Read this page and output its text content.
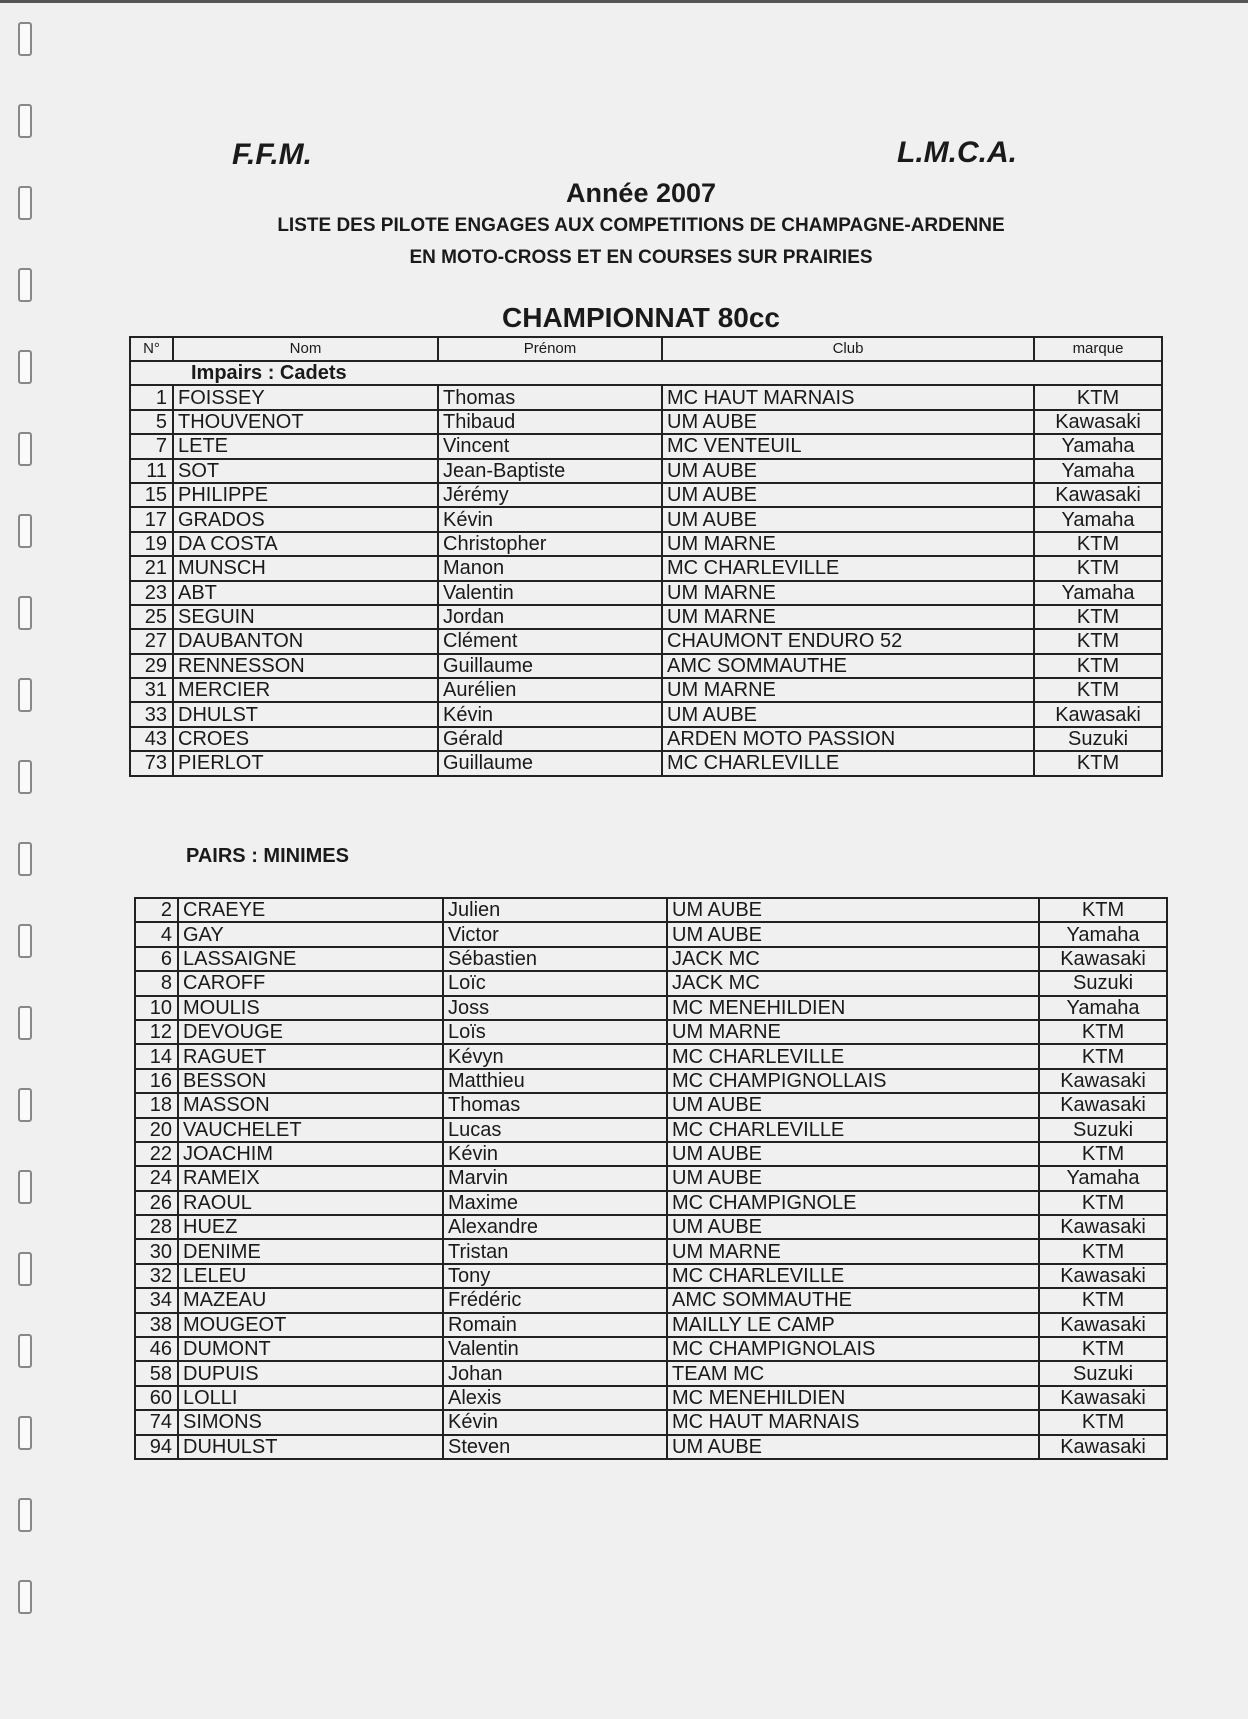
F.F.M.	L.M.C.A.
Année 2007
LISTE DES PILOTE ENGAGES AUX COMPETITIONS DE CHAMPAGNE-ARDENNE
EN MOTO-CROSS ET EN COURSES SUR PRAIRIES
CHAMPIONNAT 80cc
N°	Nom	Prénom	Club	marque
Impairs : Cadets				
1	FOISSEY	Thomas	MC HAUT MARNAIS	KTM
5	THOUVENOT	Thibaud	UM AUBE	Kawasaki
7	LETE	Vincent	MC VENTEUIL	Yamaha
11	SOT	Jean-Baptiste	UM AUBE	Yamaha
15	PHILIPPE	Jérémy	UM AUBE	Kawasaki
17	GRADOS	Kévin	UM AUBE	Yamaha
19	DA COSTA	Christopher	UM MARNE	KTM
21	MUNSCH	Manon	MC CHARLEVILLE	KTM
23	ABT	Valentin	UM MARNE	Yamaha
25	SEGUIN	Jordan	UM MARNE	KTM
27	DAUBANTON	Clément	CHAUMONT ENDURO 52	KTM
29	RENNESSON	Guillaume	AMC SOMMAUTHE	KTM
31	MERCIER	Aurélien	UM MARNE	KTM
33	DHULST	Kévin	UM AUBE	Kawasaki
43	CROES	Gérald	ARDEN MOTO PASSION	Suzuki
73	PIERLOT	Guillaume	MC CHARLEVILLE	KTM
PAIRS : MINIMES
2	CRAEYE	Julien	UM AUBE	KTM
4	GAY	Victor	UM AUBE	Yamaha
6	LASSAIGNE	Sébastien	JACK MC	Kawasaki
8	CAROFF	Loïc	JACK MC	Suzuki
10	MOULIS	Joss	MC MENEHILDIEN	Yamaha
12	DEVOUGE	Loïs	UM MARNE	KTM
14	RAGUET	Kévyn	MC CHARLEVILLE	KTM
16	BESSON	Matthieu	MC CHAMPIGNOLLAIS	Kawasaki
18	MASSON	Thomas	UM AUBE	Kawasaki
20	VAUCHELET	Lucas	MC CHARLEVILLE	Suzuki
22	JOACHIM	Kévin	UM AUBE	KTM
24	RAMEIX	Marvin	UM AUBE	Yamaha
26	RAOUL	Maxime	MC CHAMPIGNOLE	KTM
28	HUEZ	Alexandre	UM AUBE	Kawasaki
30	DENIME	Tristan	UM MARNE	KTM
32	LELEU	Tony	MC CHARLEVILLE	Kawasaki
34	MAZEAU	Frédéric	AMC SOMMAUTHE	KTM
38	MOUGEOT	Romain	MAILLY LE CAMP	Kawasaki
46	DUMONT	Valentin	MC CHAMPIGNOLAIS	KTM
58	DUPUIS	Johan	TEAM MC	Suzuki
60	LOLLI	Alexis	MC MENEHILDIEN	Kawasaki
74	SIMONS	Kévin	MC HAUT MARNAIS	KTM
94	DUHULST	Steven	UM AUBE	Kawasaki
